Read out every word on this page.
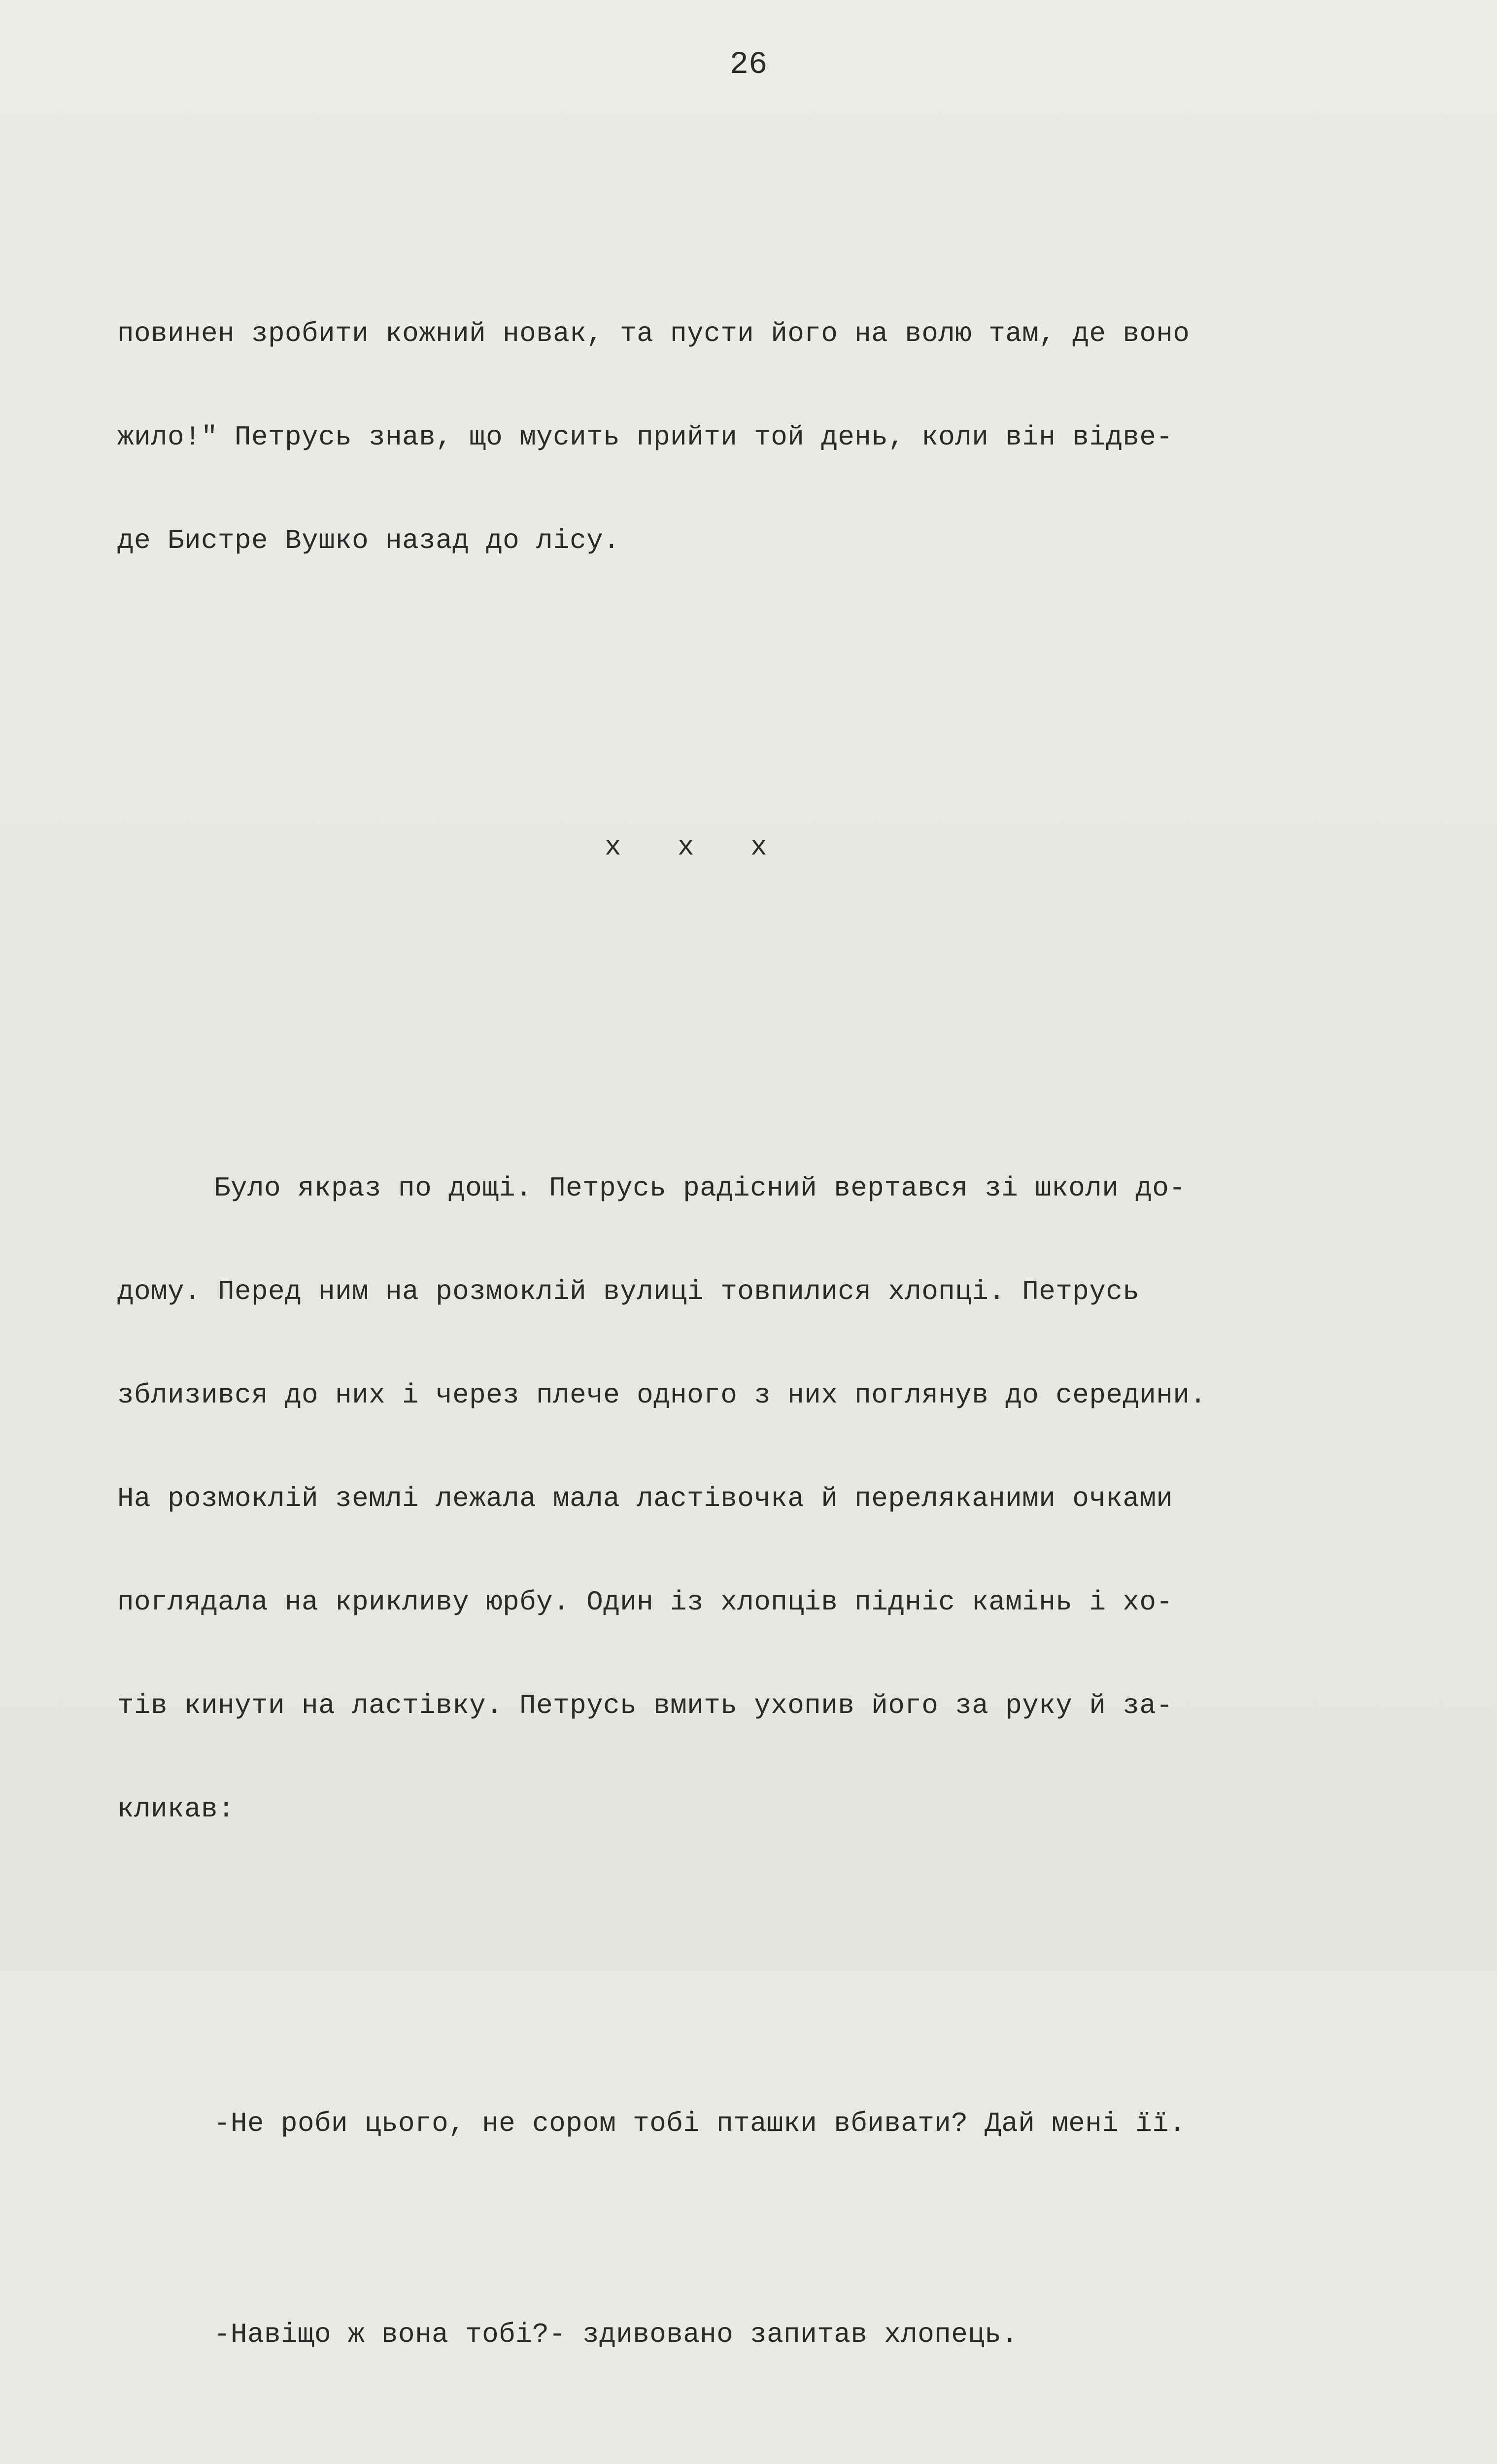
26

повинен зробити кожний новак, та пусти його на волю там, де воно

жило!" Петрусь знав, що мусить прийти той день, коли він відве-

де Бистре Вушко назад до лісу.

x x x

Було якраз по дощі. Петрусь радісний вертався зі школи до-

дому. Перед ним на розмоклій вулиці товпилися хлопці. Петрусь

зблизився до них і через плече одного з них поглянув до середини.

На розмоклій землі лежала мала ластівочка й переляканими очками

поглядала на крикливу юрбу. Один із хлопців підніс камінь і хо-

тів кинути на ластівку. Петрусь вмить ухопив його за руку й за-

кликав:

-Не роби цього, не сором тобі пташки вбивати? Дай мені її.

-Навіщо ж вона тобі?- здивовано запитав хлопець.
